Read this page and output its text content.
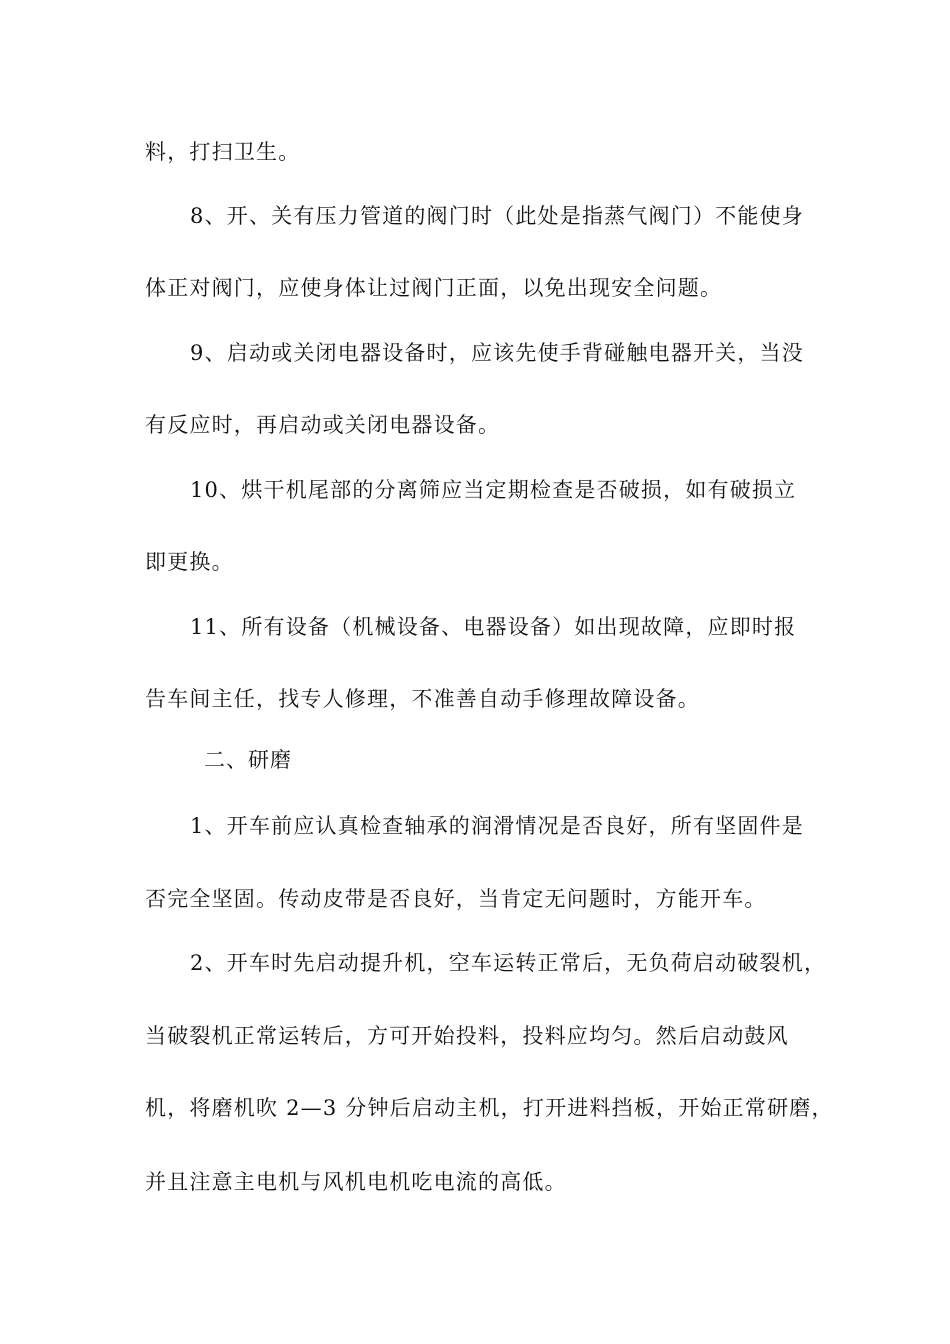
料，打扫卫生。
8、开、关有压力管道的阀门时（此处是指蒸气阀门）不能使身
体正对阀门，应使身体让过阀门正面，以免出现安全问题。
9、启动或关闭电器设备时，应该先使手背碰触电器开关，当没
有反应时，再启动或关闭电器设备。
10、烘干机尾部的分离筛应当定期检查是否破损，如有破损立
即更换。
11、所有设备（机械设备、电器设备）如出现故障，应即时报
告车间主任，找专人修理，不准善自动手修理故障设备。
二、研磨
1、开车前应认真检查轴承的润滑情况是否良好，所有坚固件是
否完全坚固。传动皮带是否良好，当肯定无问题时，方能开车。
2、开车时先启动提升机，空车运转正常后，无负荷启动破裂机，
当破裂机正常运转后，方可开始投料，投料应均匀。然后启动鼓风
机，将磨机吹 2—3 分钟后启动主机，打开进料挡板，开始正常研磨，
并且注意主电机与风机电机吃电流的高低。
